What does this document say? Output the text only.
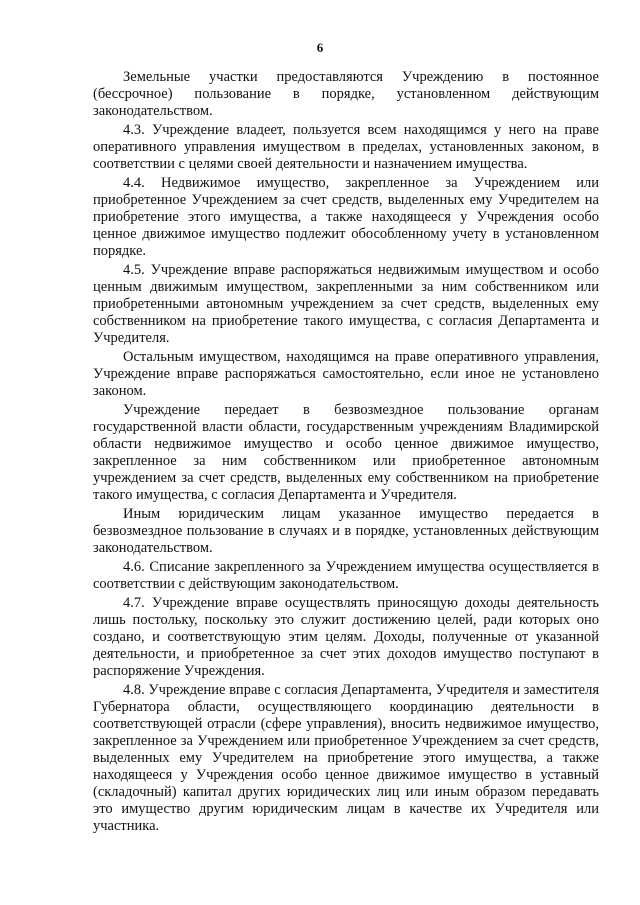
6

Земельные участки предоставляются Учреждению в постоянное (бессрочное) пользование в порядке, установленном действующим законодательством.

4.3. Учреждение владеет, пользуется всем находящимся у него на праве оперативного управления имуществом в пределах, установленных законом, в соответствии с целями своей деятельности и назначением имущества.

4.4. Недвижимое имущество, закрепленное за Учреждением или приобретенное Учреждением за счет средств, выделенных ему Учредителем на приобретение этого имущества, а также находящееся у Учреждения особо ценное движимое имущество подлежит обособленному учету в установленном порядке.

4.5. Учреждение вправе распоряжаться недвижимым имуществом и особо ценным движимым имуществом, закрепленными за ним собственником или приобретенными автономным учреждением за счет средств, выделенных ему собственником на приобретение такого имущества, с согласия Департамента и Учредителя.

Остальным имуществом, находящимся на праве оперативного управления, Учреждение вправе распоряжаться самостоятельно, если иное не установлено законом.

Учреждение передает в безвозмездное пользование органам государственной власти области, государственным учреждениям Владимирской области недвижимое имущество и особо ценное движимое имущество, закрепленное за ним собственником или приобретенное автономным учреждением за счет средств, выделенных ему собственником на приобретение такого имущества, с согласия Департамента и Учредителя.

Иным юридическим лицам указанное имущество передается в безвозмездное пользование в случаях и в порядке, установленных действующим законодательством.

4.6. Списание закрепленного за Учреждением имущества осуществляется в соответствии с действующим законодательством.

4.7. Учреждение вправе осуществлять приносящую доходы деятельность лишь постольку, поскольку это служит достижению целей, ради которых оно создано, и соответствующую этим целям. Доходы, полученные от указанной деятельности, и приобретенное за счет этих доходов имущество поступают в распоряжение Учреждения.

4.8. Учреждение вправе с согласия Департамента, Учредителя и заместителя Губернатора области, осуществляющего координацию деятельности в соответствующей отрасли (сфере управления), вносить недвижимое имущество, закрепленное за Учреждением или приобретенное Учреждением за счет средств, выделенных ему Учредителем на приобретение этого имущества, а также находящееся у Учреждения особо ценное движимое имущество в уставный (складочный) капитал других юридических лиц или иным образом передавать это имущество другим юридическим лицам в качестве их Учредителя или участника.
